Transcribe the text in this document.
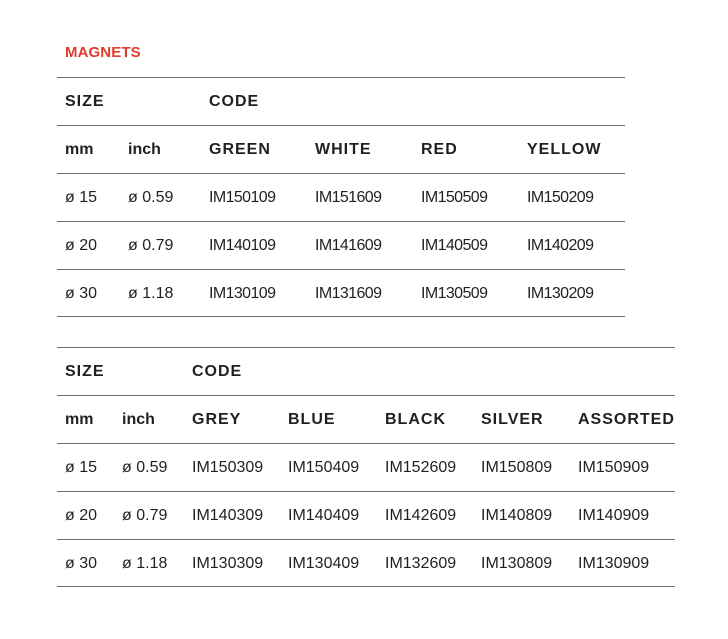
MAGNETS
SIZE	CODE
mm inch	GREEN	WHITE	RED	YELLOW
ø 15 ø 0.59 IM150109 IM151609 IM150509 IM150209
ø 20 ø 0.79 IM140109 IM141609 IM140509 IM140209
ø 30 ø 1.18 IM130109 IM131609 IM130509 IM130209
SIZE	CODE
mm inch GREY	BLUE	BLACK SILVER ASSORTED
ø 15 ø 0.59 IM150309 IM150409 IM152609 IM150809 IM150909
ø 20 ø 0.79 IM140309 IM140409 IM142609 IM140809 IM140909
ø 30 ø 1.18 IM130309 IM130409 IM132609 IM130809 IM130909
